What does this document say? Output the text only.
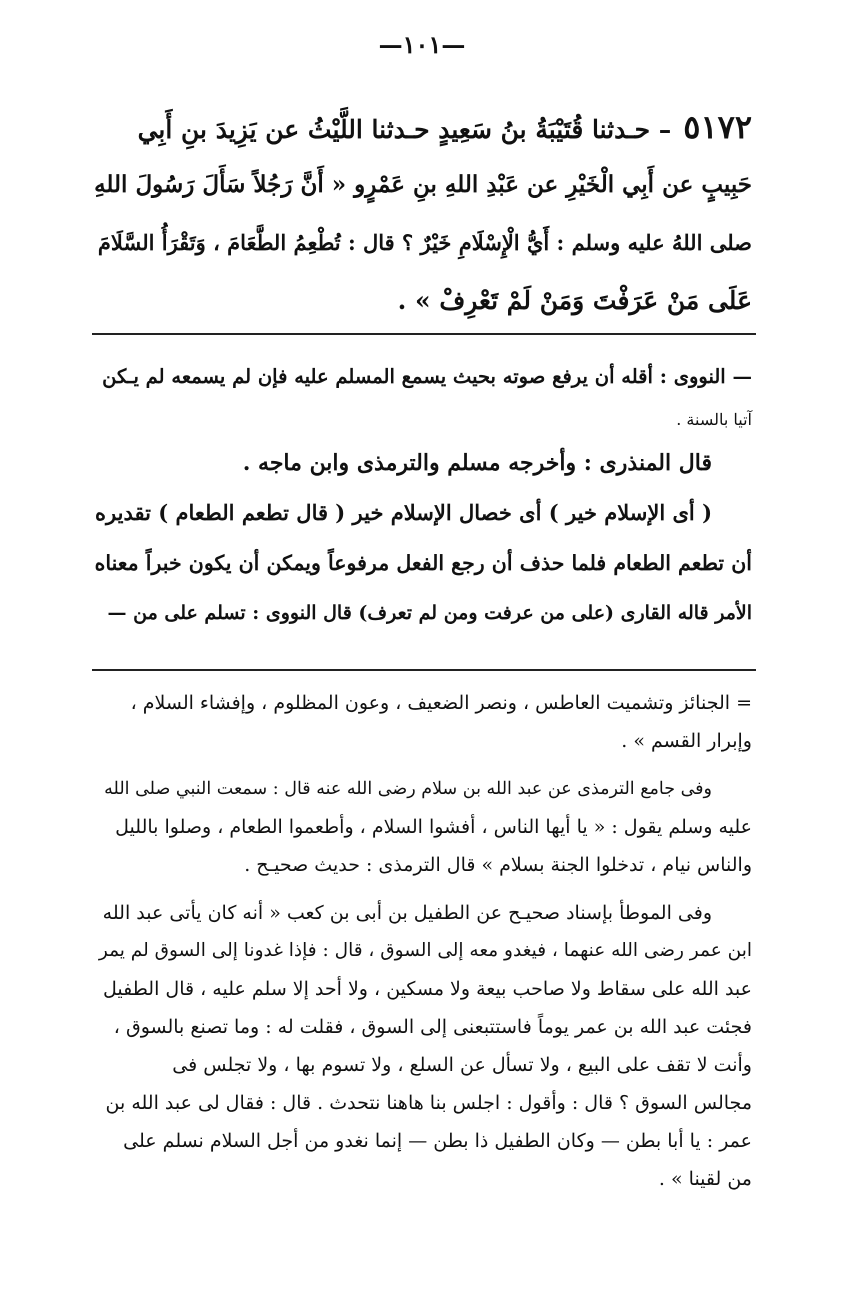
—١٠١—
٥١٧٢– حـدثنا قُتَيْبَةُ بنُ سَعِيدٍ حـدثنا اللَّيْثُ عن يَزِيدَ بنِ أَبِي
حَبِيبٍ عن أَبِي الْخَيْرِ عن عَبْدِ اللهِ بنِ عَمْرٍو « أَنَّ رَجُلاً سَأَلَ رَسُولَ اللهِ
صلى اللهُ عليه وسلم : أَيُّ الْإِسْلَامِ خَيْرٌ ؟ قال : تُطْعِمُ الطَّعَامَ ، وَتَقْرَأُ السَّلَامَ
عَلَى مَنْ عَرَفْتَ وَمَنْ لَمْ تَعْرِفْ » .
— النووى : أقله أن يرفع صوته بحيث يسمع المسلم عليه فإن لم يسمعه لم يـكن
آتيا بالسنة .
قال المنذرى : وأخرجه مسلم والترمذى وابن ماجه .
( أى الإسلام خير ) أى خصال الإسلام خير ( قال تطعم الطعام ) تقديره
أن تطعم الطعام فلما حذف أن رجع الفعل مرفوعاً ويمكن أن يكون خبراً معناه
الأمر قاله القارى (على من عرفت ومن لم تعرف) قال النووى : تسلم على من —
= الجنائز وتشميت العاطس ، ونصر الضعيف ، وعون المظلوم ، وإفشاء السلام ،
وإبرار القسم » .
وفى جامع الترمذى عن عبد الله بن سلام رضى الله عنه قال : سمعت النبي صلى الله
عليه وسلم يقول : « يا أيها الناس ، أفشوا السلام ، وأطعموا الطعام ، وصلوا بالليل
والناس نيام ، تدخلوا الجنة بسلام » قال الترمذى : حديث صحيـح .
وفى الموطأ بإسناد صحيـح عن الطفيل بن أبى بن كعب « أنه كان يأتى عبد الله
ابن عمر رضى الله عنهما ، فيغدو معه إلى السوق ، قال : فإذا غدونا إلى السوق لم يمر
عبد الله على سقاط ولا صاحب بيعة ولا مسكين ، ولا أحد إلا سلم عليه ، قال الطفيل
فجئت عبد الله بن عمر يوماً فاستتبعنى إلى السوق ، فقلت له : وما تصنع بالسوق ،
وأنت لا تقف على البيع ، ولا تسأل عن السلع ، ولا تسوم بها ، ولا تجلس فى
مجالس السوق ؟ قال : وأقول : اجلس بنا هاهنا نتحدث . قال : فقال لى عبد الله بن
عمر : يا أبا بطن — وكان الطفيل ذا بطن — إنما نغدو من أجل السلام نسلم على
من لقينا » .
